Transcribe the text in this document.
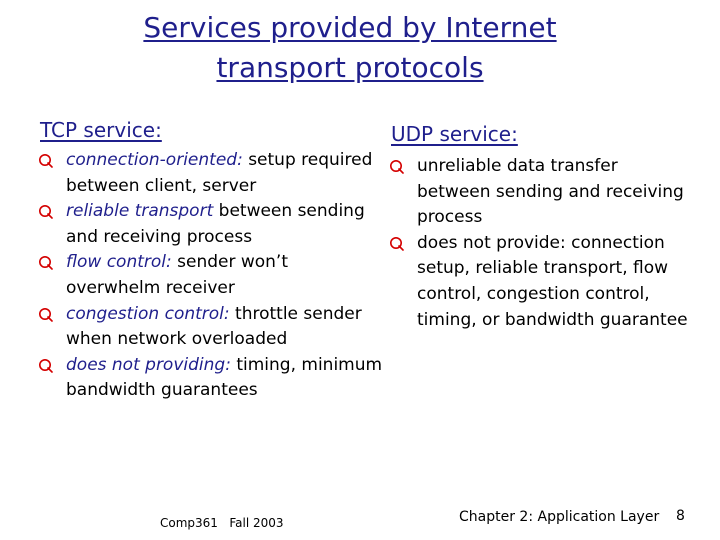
Services provided by Internet
transport protocols
TCP service:
connection-oriented: setup required between client, server
reliable transport between sending and receiving process
flow control: sender won’t overwhelm receiver
congestion control: throttle sender when network overloaded
does not providing: timing, minimum bandwidth guarantees
UDP service:
unreliable data transfer between sending and receiving process
does not provide: connection setup, reliable transport, flow control, congestion control, timing, or bandwidth guarantee
Comp361   Fall 2003	Chapter 2: Application Layer 8
